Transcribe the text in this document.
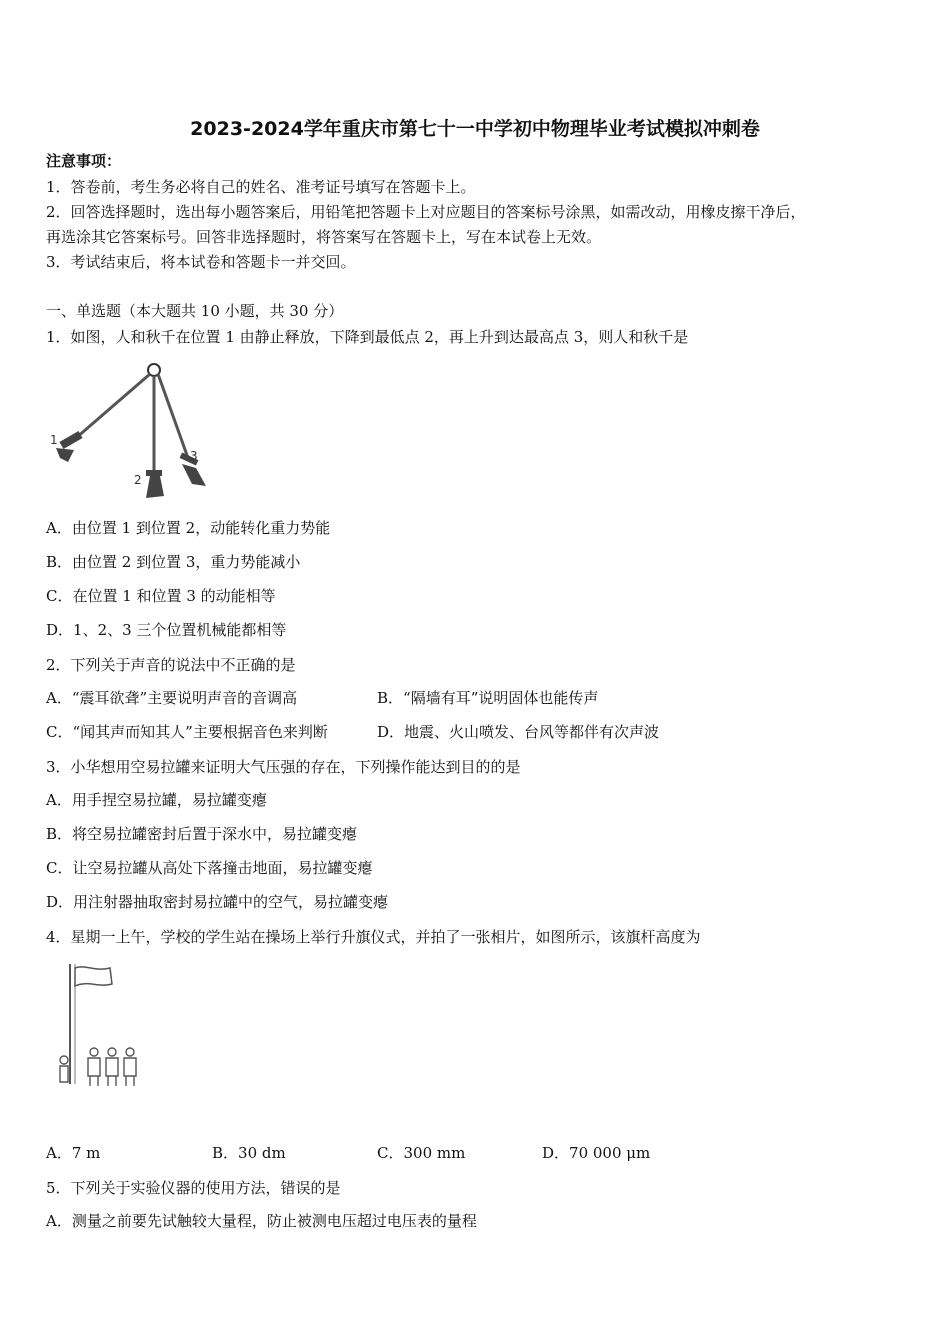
2023-2024学年重庆市第七十一中学初中物理毕业考试模拟冲刺卷
注意事项：
1．答卷前，考生务必将自己的姓名、准考证号填写在答题卡上。
2．回答选择题时，选出每小题答案后，用铅笔把答题卡上对应题目的答案标号涂黑，如需改动，用橡皮擦干净后，
再选涂其它答案标号。回答非选择题时，将答案写在答题卡上，写在本试卷上无效。
3．考试结束后，将本试卷和答题卡一并交回。
一、单选题（本大题共 10 小题，共 30 分）
1．如图，人和秋千在位置 1 由静止释放，下降到最低点 2，再上升到达最高点 3，则人和秋千是
1
2
3
A．由位置 1 到位置 2，动能转化重力势能
B．由位置 2 到位置 3，重力势能减小
C．在位置 1 和位置 3 的动能相等
D．1、2、3 三个位置机械能都相等
2．下列关于声音的说法中不正确的是
A．“震耳欲聋”主要说明声音的音调高	B．“隔墙有耳”说明固体也能传声
C．“闻其声而知其人”主要根据音色来判断	D．地震、火山喷发、台风等都伴有次声波
3．小华想用空易拉罐来证明大气压强的存在，下列操作能达到目的的是
A．用手捏空易拉罐，易拉罐变瘪
B．将空易拉罐密封后置于深水中，易拉罐变瘪
C．让空易拉罐从高处下落撞击地面，易拉罐变瘪
D．用注射器抽取密封易拉罐中的空气，易拉罐变瘪
4．星期一上午，学校的学生站在操场上举行升旗仪式，并拍了一张相片，如图所示，该旗杆高度为
A．7 m	B．30 dm	C．300 mm	D．70 000 μm
5．下列关于实验仪器的使用方法，错误的是
A．测量之前要先试触较大量程，防止被测电压超过电压表的量程
